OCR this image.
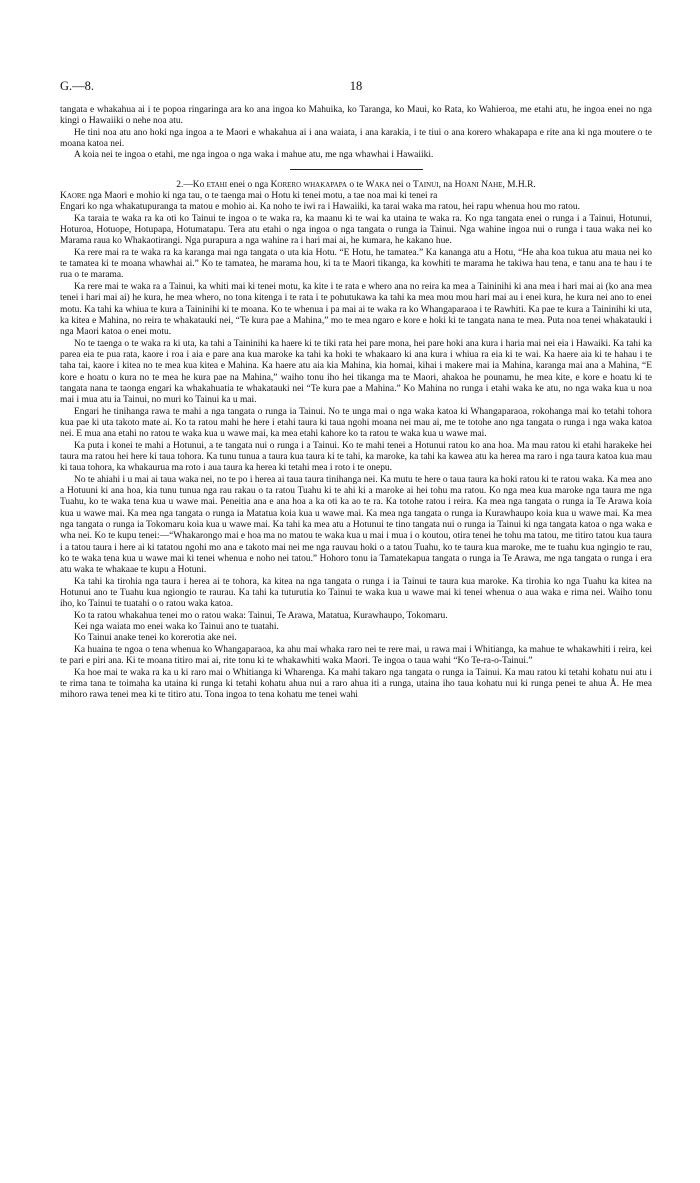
G.—8.	18

tangata e whakahua ai i te popoa ringaringa ara ko ana ingoa ko Mahuika, ko Taranga, ko Maui, ko Rata, ko Wahieroa, me etahi atu, he ingoa enei no nga kingi o Hawaiiki o nehe noa atu.

He tini noa atu ano hoki nga ingoa a te Maori e whakahua ai i ana waiata, i ana karakia, i te tiui o ana korero whakapapa e rite ana ki nga moutere o te moana katoa nei.

A koia nei te ingoa o etahi, me nga ingoa o nga waka i mahue atu, me nga whawhai i Hawaiiki.

2.—Ko etahi enei o nga Korero whakapapa o te Waka nei o Tainui, na Hoani Nahe, M.H.R.

Kaore nga Maori e mohio ki nga tau, o te taenga mai o Hotu ki tenei motu, a tae noa mai ki tenei ra

Engari ko nga whakatupuranga ta matou e mohio ai. Ka noho te iwi ra i Hawaiiki, ka tarai waka ma ratou, hei rapu whenua hou mo ratou.

Ka taraia te waka ra ka oti ko Tainui te ingoa o te waka ra, ka maanu ki te wai ka utaina te waka ra. Ko nga tangata enei o runga i a Tainui, Hotunui, Hoturoa, Hotuope, Hotupapa, Hotumatapu. Tera atu etahi o nga ingoa o nga tangata o runga ia Tainui. Nga wahine ingoa nui o runga i taua waka nei ko Marama raua ko Whakaotirangi. Nga purapura a nga wahine ra i hari mai ai, he kumara, he kakano hue.

Ka rere mai ra te waka ra ka karanga mai nga tangata o uta kia Hotu. “E Hotu, he tamatea.” Ka kananga atu a Hotu, “He aha koa tukua atu maua nei ko te tamatea ki te moana whawhai ai.” Ko te tamatea, he marama hou, ki ta te Maori tikanga, ka kowhiti te marama he takiwa hau tena, e tanu ana te hau i te rua o te marama.

Ka rere mai te waka ra a Tainui, ka whiti mai ki tenei motu, ka kite i te rata e whero ana no reira ka mea a Taininihi ki ana mea i hari mai ai (ko ana mea tenei i hari mai ai) he kura, he mea whero, no tona kitenga i te rata i te pohutukawa ka tahi ka mea mou mou hari mai au i enei kura, he kura nei ano to enei motu. Ka tahi ka whiua te kura a Taininihi ki te moana. Ko te whenua i pa mai ai te waka ra ko Whangaparaoa i te Rawhiti. Ka pae te kura a Taininihi ki uta, ka kitea e Mahina, no reira te whakatauki nei, “Te kura pae a Mahina,” mo te mea ngaro e kore e hoki ki te tangata nana te mea. Puta noa tenei whakatauki i nga Maori katoa o enei motu.

No te taenga o te waka ra ki uta, ka tahi a Taininihi ka haere ki te tiki rata hei pare mona, hei pare hoki ana kura i haria mai nei eia i Hawaiki. Ka tahi ka parea eia te pua rata, kaore i roa i aia e pare ana kua maroke ka tahi ka hoki te whakaaro ki ana kura i whiua ra eia ki te wai. Ka haere aia ki te hahau i te taha tai, kaore i kitea no te mea kua kitea e Mahina. Ka haere atu aia kia Mahina, kia homai, kihai i makere mai ia Mahina, karanga mai ana a Mahina, “E kore e hoatu o kura no te mea he kura pae na Mahina,” waiho tonu iho hei tikanga ma te Maori, ahakoa he pounamu, he mea kite, e kore e hoatu ki te tangata nana te taonga engari ka whakahuatia te whakatauki nei “Te kura pae a Mahina.” Ko Mahina no runga i etahi waka ke atu, no nga waka kua u noa mai i mua atu ia Tainui, no muri ko Tainui ka u mai.

Engari he tinihanga rawa te mahi a nga tangata o runga ia Tainui. No te unga mai o nga waka katoa ki Whangaparaoa, rokohanga mai ko tetahi tohora kua pae ki uta takoto mate ai. Ko ta ratou mahi he here i etahi taura ki taua ngohi moana nei mau ai, me te totohe ano nga tangata o runga i nga waka katoa nei. E mua ana etahi no ratou te waka kua u wawe mai, ka mea etahi kahore ko ta ratou te waka kua u wawe mai.

Ka puta i konei te mahi a Hotunui, a te tangata nui o runga i a Tainui. Ko te mahi tenei a Hotunui ratou ko ana hoa. Ma mau ratou ki etahi harakeke hei taura ma ratou hei here ki taua tohora. Ka tunu tunua a taura kua taura ki te tahi, ka maroke, ka tahi ka kawea atu ka herea ma raro i nga taura katoa kua mau ki taua tohora, ka whakaurua ma roto i aua taura ka herea ki tetahi mea i roto i te onepu.

No te ahiahi i u mai ai taua waka nei, no te po i herea ai taua taura tinihanga nei. Ka mutu te here o taua taura ka hoki ratou ki te ratou waka. Ka mea ano a Hotuuni ki ana hoa, kia tunu tunua nga rau rakau o ta ratou Tuahu ki te ahi ki a maroke ai hei tohu ma ratou. Ko nga mea kua maroke nga taura me nga Tuahu, ko te waka tena kua u wawe mai. Peneitia ana e ana hoa a ka oti ka ao te ra. Ka totohe ratou i reira. Ka mea nga tangata o runga ia Te Arawa koia kua u wawe mai. Ka mea nga tangata o runga ia Matatua koia kua u wawe mai. Ka mea nga tangata o runga ia Kurawhaupo koia kua u wawe mai. Ka mea nga tangata o runga ia Tokomaru koia kua u wawe mai. Ka tahi ka mea atu a Hotunui te tino tangata nui o runga ia Tainui ki nga tangata katoa o nga waka e wha nei. Ko te kupu tenei:—“Whakarongo mai e hoa ma no matou te waka kua u mai i mua i o koutou, otira tenei he tohu ma tatou, me titiro tatou kua taura i a tatou taura i here ai ki tatatou ngohi mo ana e takoto mai nei me nga rauvau hoki o a tatou Tuahu, ko te taura kua maroke, me te tuahu kua ngingio te rau, ko te waka tena kua u wawe mai ki tenei whenua e noho nei tatou.” Hohoro tonu ia Tamatekapua tangata o runga ia Te Arawa, me nga tangata o runga i era atu waka te whakaae te kupu a Hotuni.

Ka tahi ka tirohia nga taura i herea ai te tohora, ka kitea na nga tangata o runga i ia Tainui te taura kua maroke. Ka tirohia ko nga Tuahu ka kitea na Hotunui ano te Tuahu kua ngiongio te raurau. Ka tahi ka tuturutia ko Tainui te waka kua u wawe mai ki tenei whenua o aua waka e rima nei. Waiho tonu iho, ko Tainui te tuatahi o o ratou waka katoa.

Ko ta ratou whakahua tenei mo o ratou waka: Tainui, Te Arawa, Matatua, Kurawhaupo, Tokomaru.

Kei nga waiata mo enei waka ko Tainui ano te tuatahi.

Ko Tainui anake tenei ko korerotia ake nei.

Ka huaina te ngoa o tena whenua ko Whangaparaoa, ka ahu mai whaka raro nei te rere mai, u rawa mai i Whitianga, ka mahue te whakawhiti i reira, kei te pari e piri ana. Ki te moana titiro mai ai, rite tonu ki te whakawhiti waka Maori. Te ingoa o taua wahi “Ko Te-ra-o-Tainui.”

Ka hoe mai te waka ra ka u ki raro mai o Whitianga ki Wharenga. Ka mahi takaro nga tangata o runga ia Tainui. Ka mau ratou ki tetahi kohatu nui atu i te rima tana te toimaha ka utaina ki runga ki tetahi kohatu ahua nui a raro ahua iti a runga, utaina iho taua kohatu nui ki runga penei te ahua Å. He mea mihoro rawa tenei mea ki te titiro atu. Tona ingoa to tena kohatu me tenei wahi
